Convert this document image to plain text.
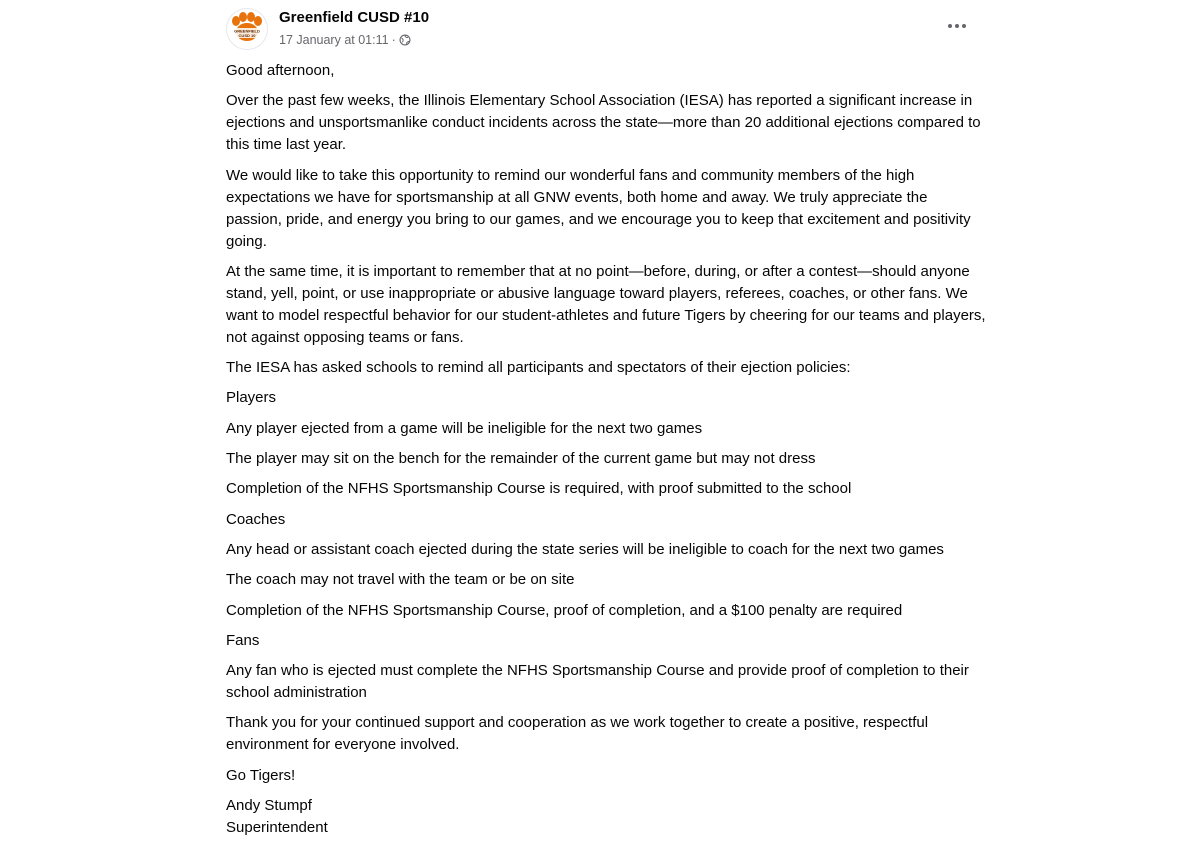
GREENFIELD
CUSD 10
Greenfield CUSD #10
17 January at 01:11 ·

Good afternoon,

Over the past few weeks, the Illinois Elementary School Association (IESA) has reported a significant increase in ejections and unsportsmanlike conduct incidents across the state—more than 20 additional ejections compared to this time last year.

We would like to take this opportunity to remind our wonderful fans and community members of the high expectations we have for sportsmanship at all GNW events, both home and away. We truly appreciate the passion, pride, and energy you bring to our games, and we encourage you to keep that excitement and positivity going.

At the same time, it is important to remember that at no point—before, during, or after a contest—should anyone stand, yell, point, or use inappropriate or abusive language toward players, referees, coaches, or other fans. We want to model respectful behavior for our student-athletes and future Tigers by cheering for our teams and players, not against opposing teams or fans.

The IESA has asked schools to remind all participants and spectators of their ejection policies:

Players

Any player ejected from a game will be ineligible for the next two games

The player may sit on the bench for the remainder of the current game but may not dress

Completion of the NFHS Sportsmanship Course is required, with proof submitted to the school

Coaches

Any head or assistant coach ejected during the state series will be ineligible to coach for the next two games

The coach may not travel with the team or be on site

Completion of the NFHS Sportsmanship Course, proof of completion, and a $100 penalty are required

Fans

Any fan who is ejected must complete the NFHS Sportsmanship Course and provide proof of completion to their school administration

Thank you for your continued support and cooperation as we work together to create a positive, respectful environment for everyone involved.

Go Tigers!

Andy Stumpf

Superintendent
